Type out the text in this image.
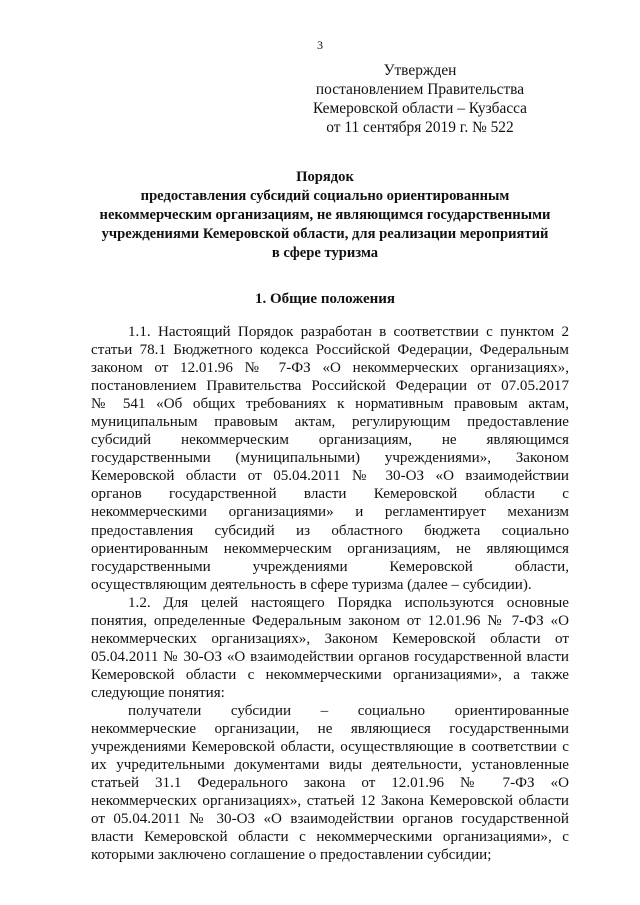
3
Утвержден
постановлением Правительства
Кемеровской области – Кузбасса
от 11 сентября 2019 г. № 522
Порядок
предоставления субсидий социально ориентированным
некоммерческим организациям, не являющимся государственными
учреждениями Кемеровской области, для реализации мероприятий
в сфере туризма
1. Общие положения
1.1. Настоящий Порядок разработан в соответствии с пунктом 2
статьи 78.1 Бюджетного кодекса Российской Федерации, Федеральным
законом от 12.01.96 № 7-ФЗ «О некоммерческих организациях»,
постановлением Правительства Российской Федерации от 07.05.2017
№ 541 «Об общих требованиях к нормативным правовым актам,
муниципальным правовым актам, регулирующим предоставление
субсидий некоммерческим организациям, не являющимся
государственными (муниципальными) учреждениями», Законом
Кемеровской области от 05.04.2011 № 30-ОЗ «О взаимодействии
органов государственной власти Кемеровской области с
некоммерческими организациями» и регламентирует механизм
предоставления субсидий из областного бюджета социально
ориентированным некоммерческим организациям, не являющимся
государственными учреждениями Кемеровской области,
осуществляющим деятельность в сфере туризма (далее – субсидии).
1.2. Для целей настоящего Порядка используются основные
понятия, определенные Федеральным законом от 12.01.96 № 7-ФЗ «О
некоммерческих организациях», Законом Кемеровской области от
05.04.2011 № 30-ОЗ «О взаимодействии органов государственной власти
Кемеровской области с некоммерческими организациями», а также
следующие понятия:
получатели субсидии – социально ориентированные
некоммерческие организации, не являющиеся государственными
учреждениями Кемеровской области, осуществляющие в соответствии с
их учредительными документами виды деятельности, установленные
статьей 31.1 Федерального закона от 12.01.96 № 7-ФЗ «О
некоммерческих организациях», статьей 12 Закона Кемеровской области
от 05.04.2011 № 30-ОЗ «О взаимодействии органов государственной
власти Кемеровской области с некоммерческими организациями», с
которыми заключено соглашение о предоставлении субсидии;
